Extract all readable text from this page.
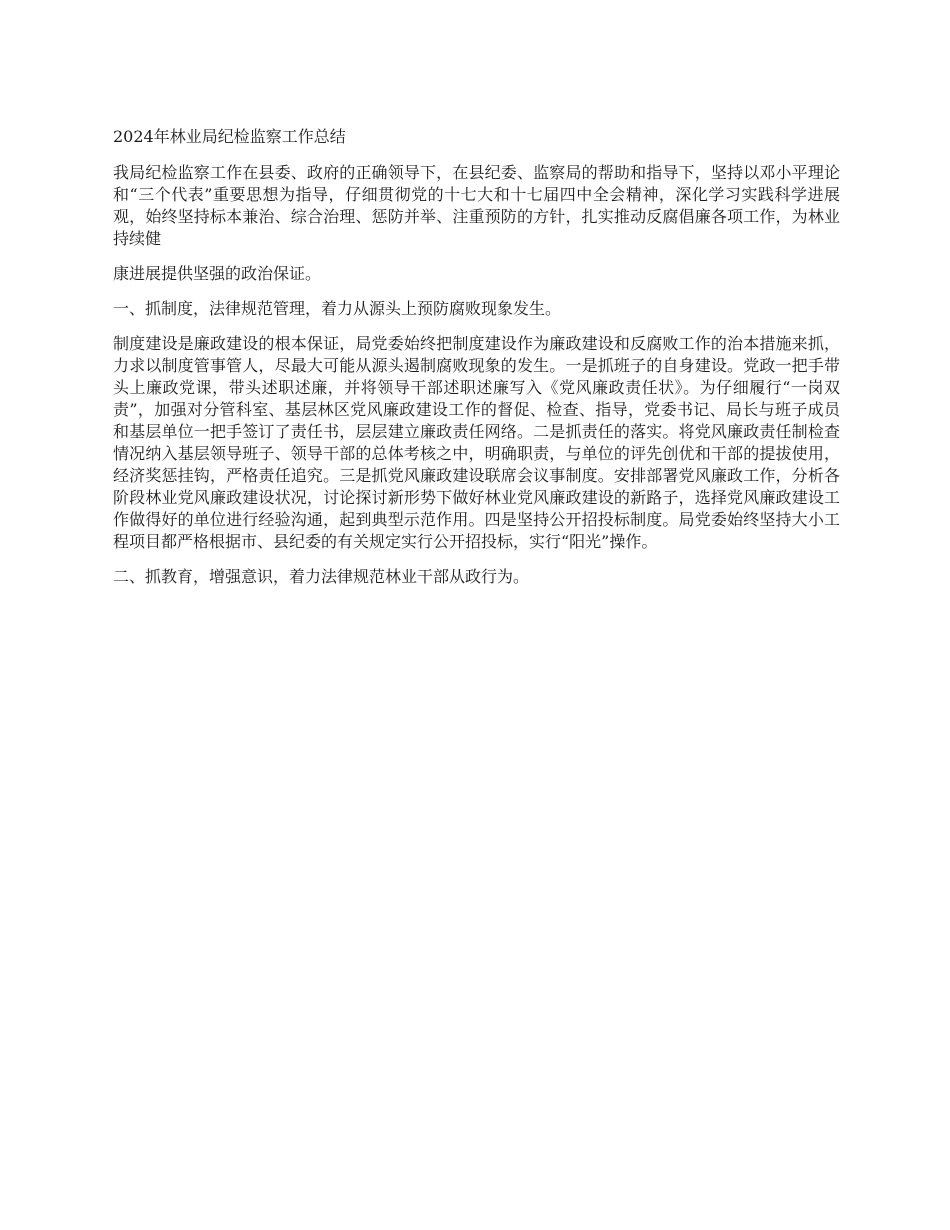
2024年林业局纪检监察工作总结

我局纪检监察工作在县委、政府的正确领导下，在县纪委、监察局的帮助和指导下，坚持以邓小平理论和“三个代表”重要思想为指导，仔细贯彻党的十七大和十七届四中全会精神，深化学习实践科学进展观，始终坚持标本兼治、综合治理、惩防并举、注重预防的方针，扎实推动反腐倡廉各项工作，为林业持续健

康进展提供坚强的政治保证。

一、抓制度，法律规范管理，着力从源头上预防腐败现象发生。

制度建设是廉政建设的根本保证，局党委始终把制度建设作为廉政建设和反腐败工作的治本措施来抓，力求以制度管事管人，尽最大可能从源头遏制腐败现象的发生。一是抓班子的自身建设。党政一把手带头上廉政党课，带头述职述廉，并将领导干部述职述廉写入《党风廉政责任状》。为仔细履行“一岗双责”，加强对分管科室、基层林区党风廉政建设工作的督促、检查、指导，党委书记、局长与班子成员和基层单位一把手签订了责任书，层层建立廉政责任网络。二是抓责任的落实。将党风廉政责任制检查情况纳入基层领导班子、领导干部的总体考核之中，明确职责，与单位的评先创优和干部的提拔使用，经济奖惩挂钩，严格责任追究。三是抓党风廉政建设联席会议事制度。安排部署党风廉政工作，分析各阶段林业党风廉政建设状况，讨论探讨新形势下做好林业党风廉政建设的新路子，选择党风廉政建设工作做得好的单位进行经验沟通，起到典型示范作用。四是坚持公开招投标制度。局党委始终坚持大小工程项目都严格根据市、县纪委的有关规定实行公开招投标，实行“阳光”操作。

二、抓教育，增强意识，着力法律规范林业干部从政行为。
